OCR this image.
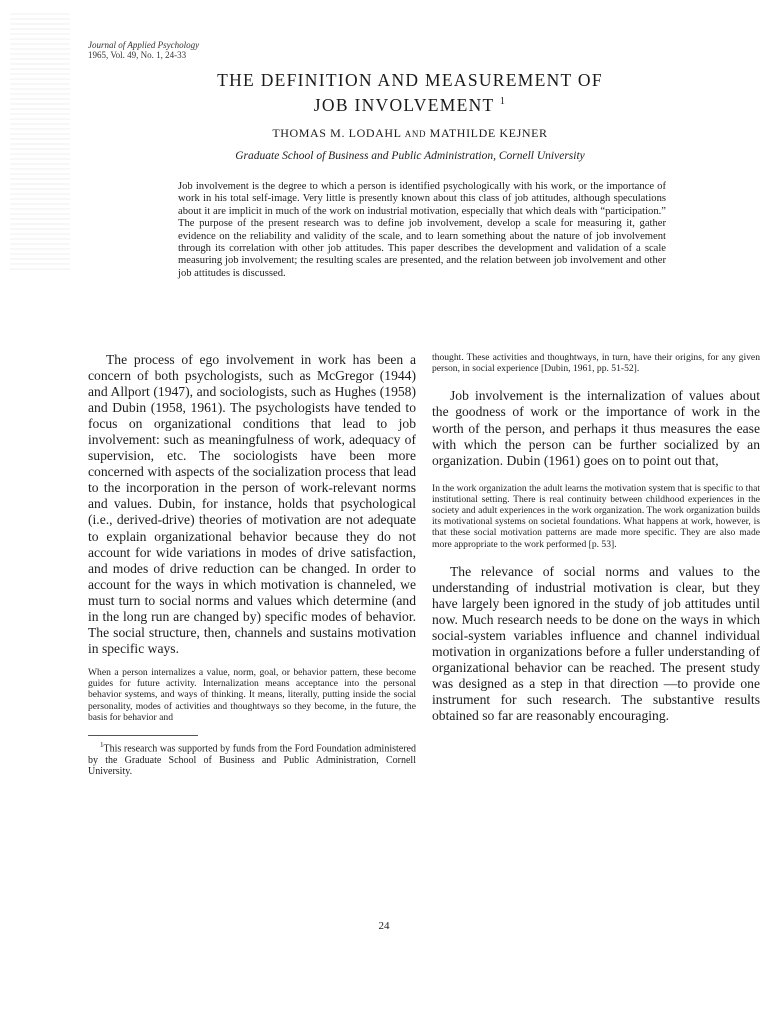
Journal of Applied Psychology
1965, Vol. 49, No. 1, 24-33
THE DEFINITION AND MEASUREMENT OF
JOB INVOLVEMENT $^1$
THOMAS M. LODAHL AND MATHILDE KEJNER
Graduate School of Business and Public Administration, Cornell University
Job involvement is the degree to which a person is identified psychologically with his work, or the importance of work in his total self-image. Very little is presently known about this class of job attitudes, although speculations about it are implicit in much of the work on industrial motivation, especially that which deals with “participation.” The purpose of the present research was to define job involvement, develop a scale for measuring it, gather evidence on the reliability and validity of the scale, and to learn something about the nature of job involvement through its correlation with other job attitudes. This paper describes the development and validation of a scale measuring job involvement; the resulting scales are presented, and the relation between job involvement and other job attitudes is discussed.

The process of ego involvement in work has been a concern of both psychologists, such as McGregor (1944) and Allport (1947), and sociologists, such as Hughes (1958) and Dubin (1958, 1961). The psychologists have tended to focus on organizational conditions that lead to job involvement: such as meaningfulness of work, adequacy of supervision, etc. The sociologists have been more concerned with aspects of the socialization process that lead to the incorporation in the person of work-relevant norms and values. Dubin, for instance, holds that psychological (i.e., derived-drive) theories of motivation are not adequate to explain organizational behavior because they do not account for wide variations in modes of drive satisfaction, and modes of drive reduction can be changed. In order to account for the ways in which motivation is channeled, we must turn to social norms and values which determine (and in the long run are changed by) specific modes of behavior. The social structure, then, channels and sustains motivation in specific ways.

When a person internalizes a value, norm, goal, or behavior pattern, these become guides for future activity. Internalization means acceptance into the personal behavior systems, and ways of thinking. It means, literally, putting inside the social personality, modes of activities and thoughtways so they become, in the future, the basis for behavior and

$^1$This research was supported by funds from the Ford Foundation administered by the Graduate School of Business and Public Administration, Cornell University.

thought. These activities and thoughtways, in turn, have their origins, for any given person, in social experience [Dubin, 1961, pp. 51-52].

Job involvement is the internalization of values about the goodness of work or the importance of work in the worth of the person, and perhaps it thus measures the ease with which the person can be further socialized by an organization. Dubin (1961) goes on to point out that,

In the work organization the adult learns the motivation system that is specific to that institutional setting. There is real continuity between childhood experiences in the society and adult experiences in the work organization. The work organization builds its motivational systems on societal foundations. What happens at work, however, is that these social motivation patterns are made more specific. They are also made more appropriate to the work performed [p. 53].

The relevance of social norms and values to the understanding of industrial motivation is clear, but they have largely been ignored in the study of job attitudes until now. Much research needs to be done on the ways in which social-system variables influence and channel individual motivation in organizations before a fuller understanding of organizational behavior can be reached. The present study was designed as a step in that direction —to provide one instrument for such research. The substantive results obtained so far are reasonably encouraging.

24
